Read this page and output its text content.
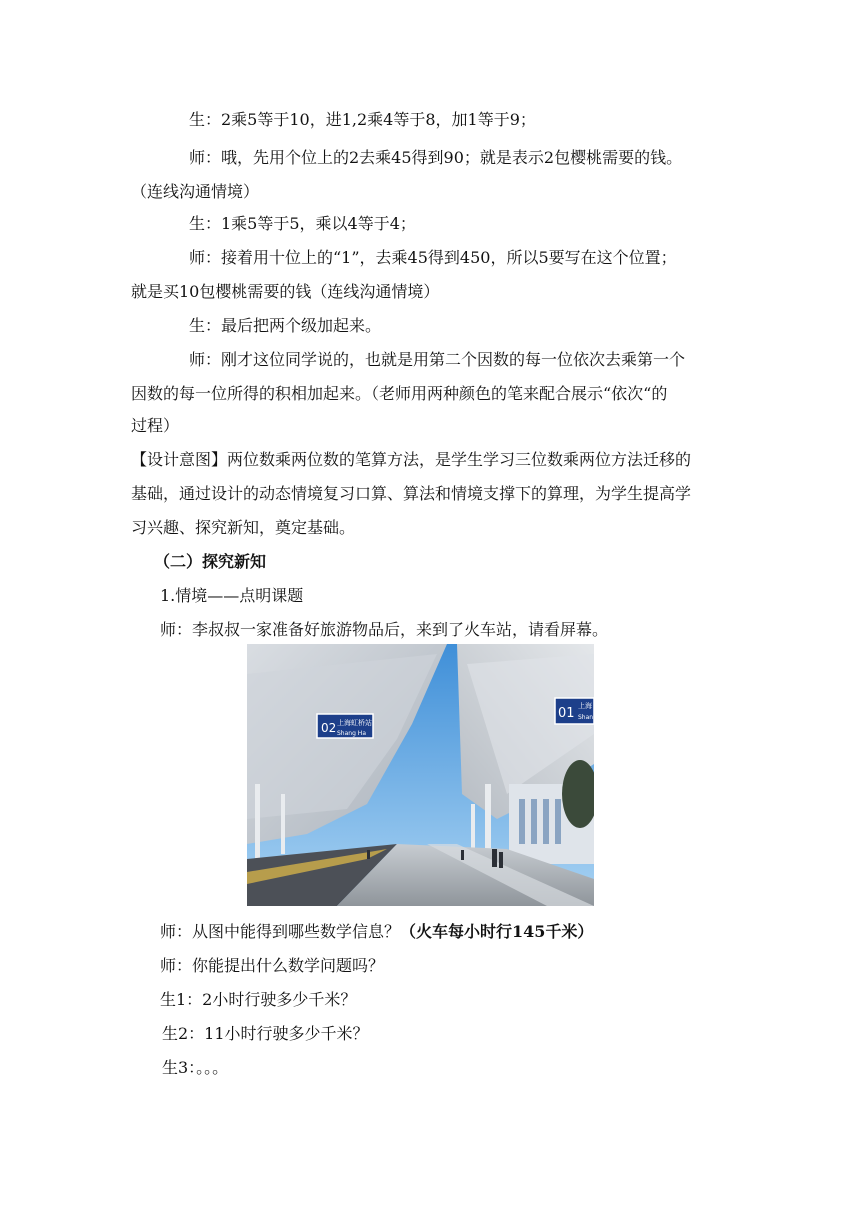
生：2乘5等于10，进1,2乘4等于8，加1等于9；
师：哦，先用个位上的2去乘45得到90；就是表示2包樱桃需要的钱。
（连线沟通情境）
生：1乘5等于5，乘以4等于4；
师：接着用十位上的“1”，去乘45得到450，所以5要写在这个位置；
就是买10包樱桃需要的钱（连线沟通情境）
生：最后把两个级加起来。
师：刚才这位同学说的，也就是用第二个因数的每一位依次去乘第一个
因数的每一位所得的积相加起来。（老师用两种颜色的笔来配合展示“依次“的
过程）
【设计意图】两位数乘两位数的笔算方法，是学生学习三位数乘两位方法迁移的
基础，通过设计的动态情境复习口算、算法和情境支撑下的算理，为学生提高学
习兴趣、探究新知，奠定基础。
（二）探究新知
1.情境——点明课题
师：李叔叔一家准备好旅游物品后，来到了火车站，请看屏幕。
02 上海虹桥站
Shang Ha
01 上海
Shan
师：从图中能得到哪些数学信息？（火车每小时行145千米）
师：你能提出什么数学问题吗？
生1：2小时行驶多少千米？
生2：11小时行驶多少千米？
生3：。。。
